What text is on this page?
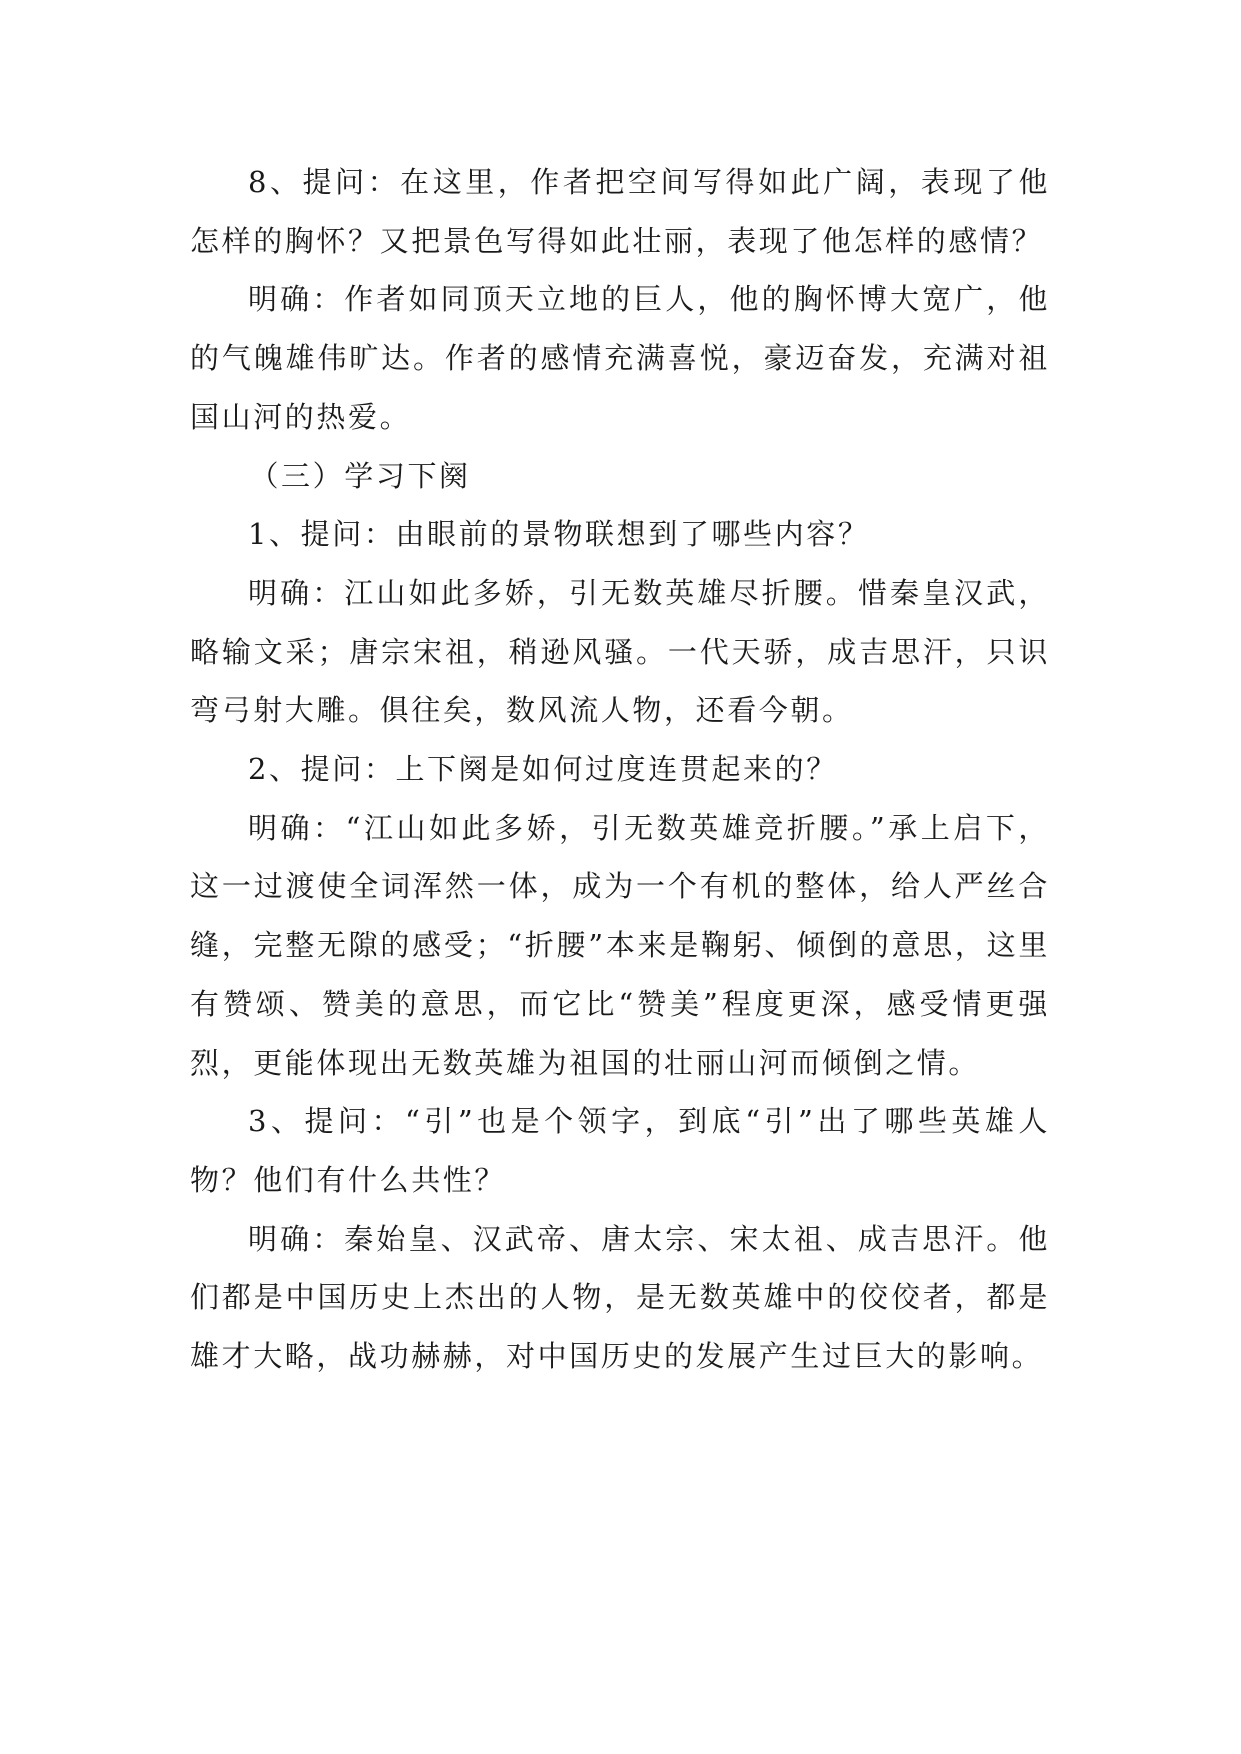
8、提问：在这里，作者把空间写得如此广阔，表现了他怎样的胸怀？又把景色写得如此壮丽，表现了他怎样的感情？

明确：作者如同顶天立地的巨人，他的胸怀博大宽广，他的气魄雄伟旷达。作者的感情充满喜悦，豪迈奋发，充满对祖国山河的热爱。

（三）学习下阕

1、提问：由眼前的景物联想到了哪些内容？

明确：江山如此多娇，引无数英雄尽折腰。惜秦皇汉武，略输文采；唐宗宋祖，稍逊风骚。一代天骄，成吉思汗，只识弯弓射大雕。俱往矣，数风流人物，还看今朝。

2、提问：上下阕是如何过度连贯起来的？

明确：“江山如此多娇，引无数英雄竞折腰。”承上启下，这一过渡使全词浑然一体，成为一个有机的整体，给人严丝合缝，完整无隙的感受；“折腰”本来是鞠躬、倾倒的意思，这里有赞颂、赞美的意思，而它比“赞美”程度更深，感受情更强烈，更能体现出无数英雄为祖国的壮丽山河而倾倒之情。

3、提问：“引”也是个领字，到底“引”出了哪些英雄人物？他们有什么共性？

明确：秦始皇、汉武帝、唐太宗、宋太祖、成吉思汗。他们都是中国历史上杰出的人物，是无数英雄中的佼佼者，都是雄才大略，战功赫赫，对中国历史的发展产生过巨大的影响。
